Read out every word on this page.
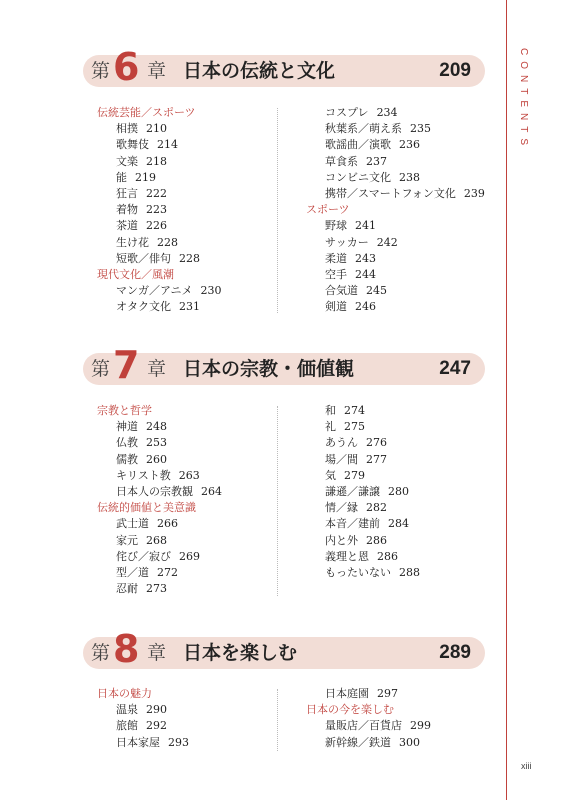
CONTENTS
xiii
第 6 章 日本の伝統と文化	209
伝統芸能／スポーツ
相撲 210
歌舞伎 214
文楽 218
能 219
狂言 222
着物 223
茶道 226
生け花 228
短歌／俳句 228
現代文化／風潮
マンガ／アニメ 230
オタク文化 231
コスプレ 234
秋葉系／萌え系 235
歌謡曲／演歌 236
草食系 237
コンビニ文化 238
携帯／スマートフォン文化 239
スポーツ
野球 241
サッカー 242
柔道 243
空手 244
合気道 245
剣道 246
第 7 章 日本の宗教・価値観	247
宗教と哲学
神道 248
仏教 253
儒教 260
キリスト教 263
日本人の宗教観 264
伝統的価値と美意識
武士道 266
家元 268
侘び／寂び 269
型／道 272
忍耐 273
和 274
礼 275
あうん 276
場／間 277
気 279
謙遜／謙譲 280
情／縁 282
本音／建前 284
内と外 286
義理と恩 286
もったいない 288
第 8 章 日本を楽しむ	289
日本の魅力
温泉 290
旅館 292
日本家屋 293
日本庭園 297
日本の今を楽しむ
量販店／百貨店 299
新幹線／鉄道 300
